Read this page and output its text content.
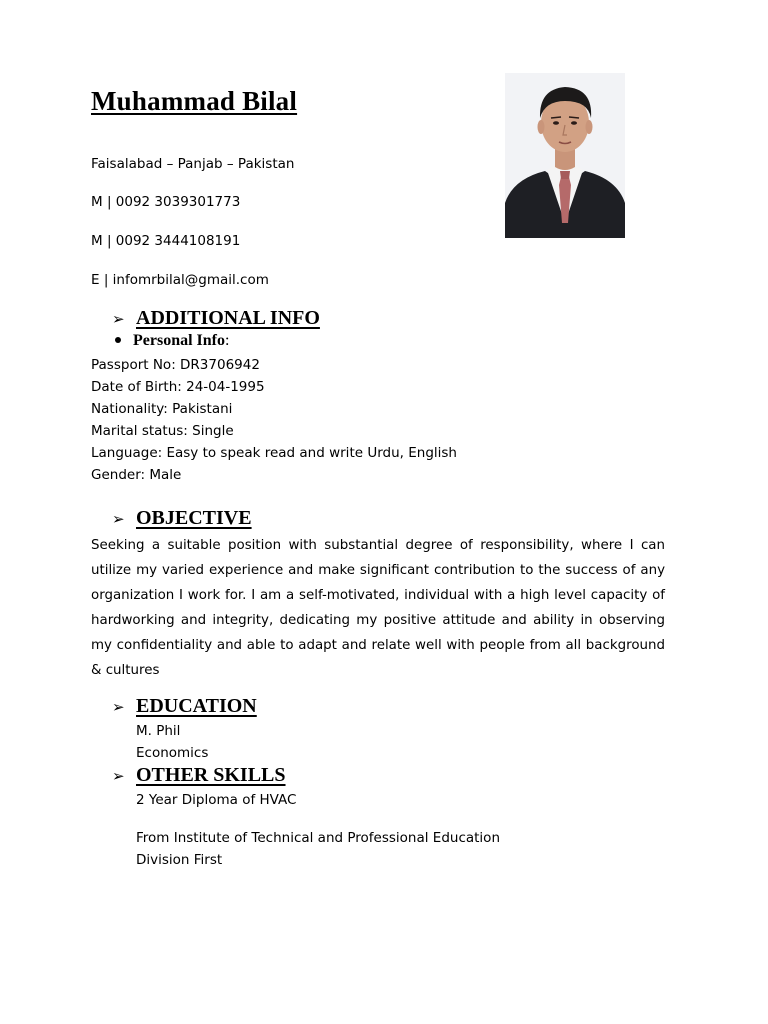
Muhammad Bilal
Faisalabad – Panjab – Pakistan
M | 0092 3039301773
M | 0092 3444108191
E | infomrbilal@gmail.com
➢ ADDITIONAL INFO
Personal Info:
Passport No: DR3706942
Date of Birth: 24-04-1995
Nationality: Pakistani
Marital status: Single
Language: Easy to speak read and write Urdu, English
Gender: Male
➢ OBJECTIVE

Seeking a suitable position with substantial degree of responsibility, where I can utilize my varied experience and make significant contribution to the success of any organization I work for. I am a self-motivated, individual with a high level capacity of hardworking and integrity, dedicating my positive attitude and ability in observing my confidentiality and able to adapt and relate well with people from all background & cultures

➢ EDUCATION
M. Phil
Economics
➢ OTHER SKILLS
2 Year Diploma of HVAC
From Institute of Technical and Professional Education
Division First
